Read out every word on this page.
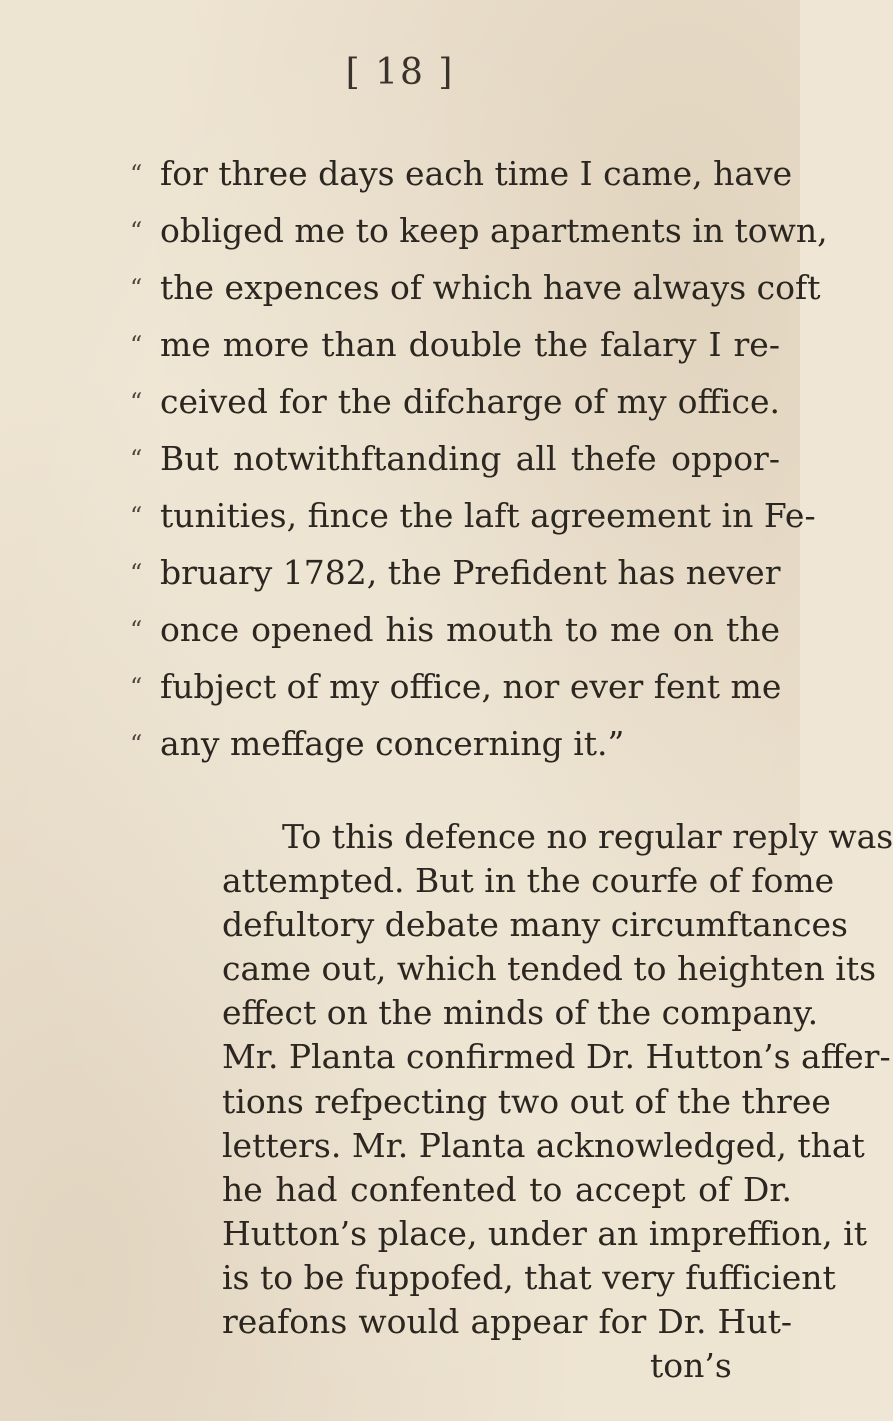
[ 18 ]
“ for three days each time I came, have
“ obliged me to keep apartments in town,
“ the expences of which have always coft
“ me more than double the falary I re-
“ ceived for the difcharge of my office.
“ But notwithftanding all thefe oppor-
“ tunities, fince the laft agreement in Fe-
“ bruary 1782, the Prefident has never
“ once opened his mouth to me on the
“ fubject of my office, nor ever fent me
“ any meffage concerning it.”
To this defence no regular reply was
attempted. But in the courfe of fome
defultory debate many circumftances
came out, which tended to heighten its
effect on the minds of the company.
Mr. Planta confirmed Dr. Hutton’s affer-
tions refpecting two out of the three
letters. Mr. Planta acknowledged, that
he had confented to accept of Dr.
Hutton’s place, under an impreffion, it
is to be fuppofed, that very fufficient
reafons would appear for Dr. Hut-
ton’s
